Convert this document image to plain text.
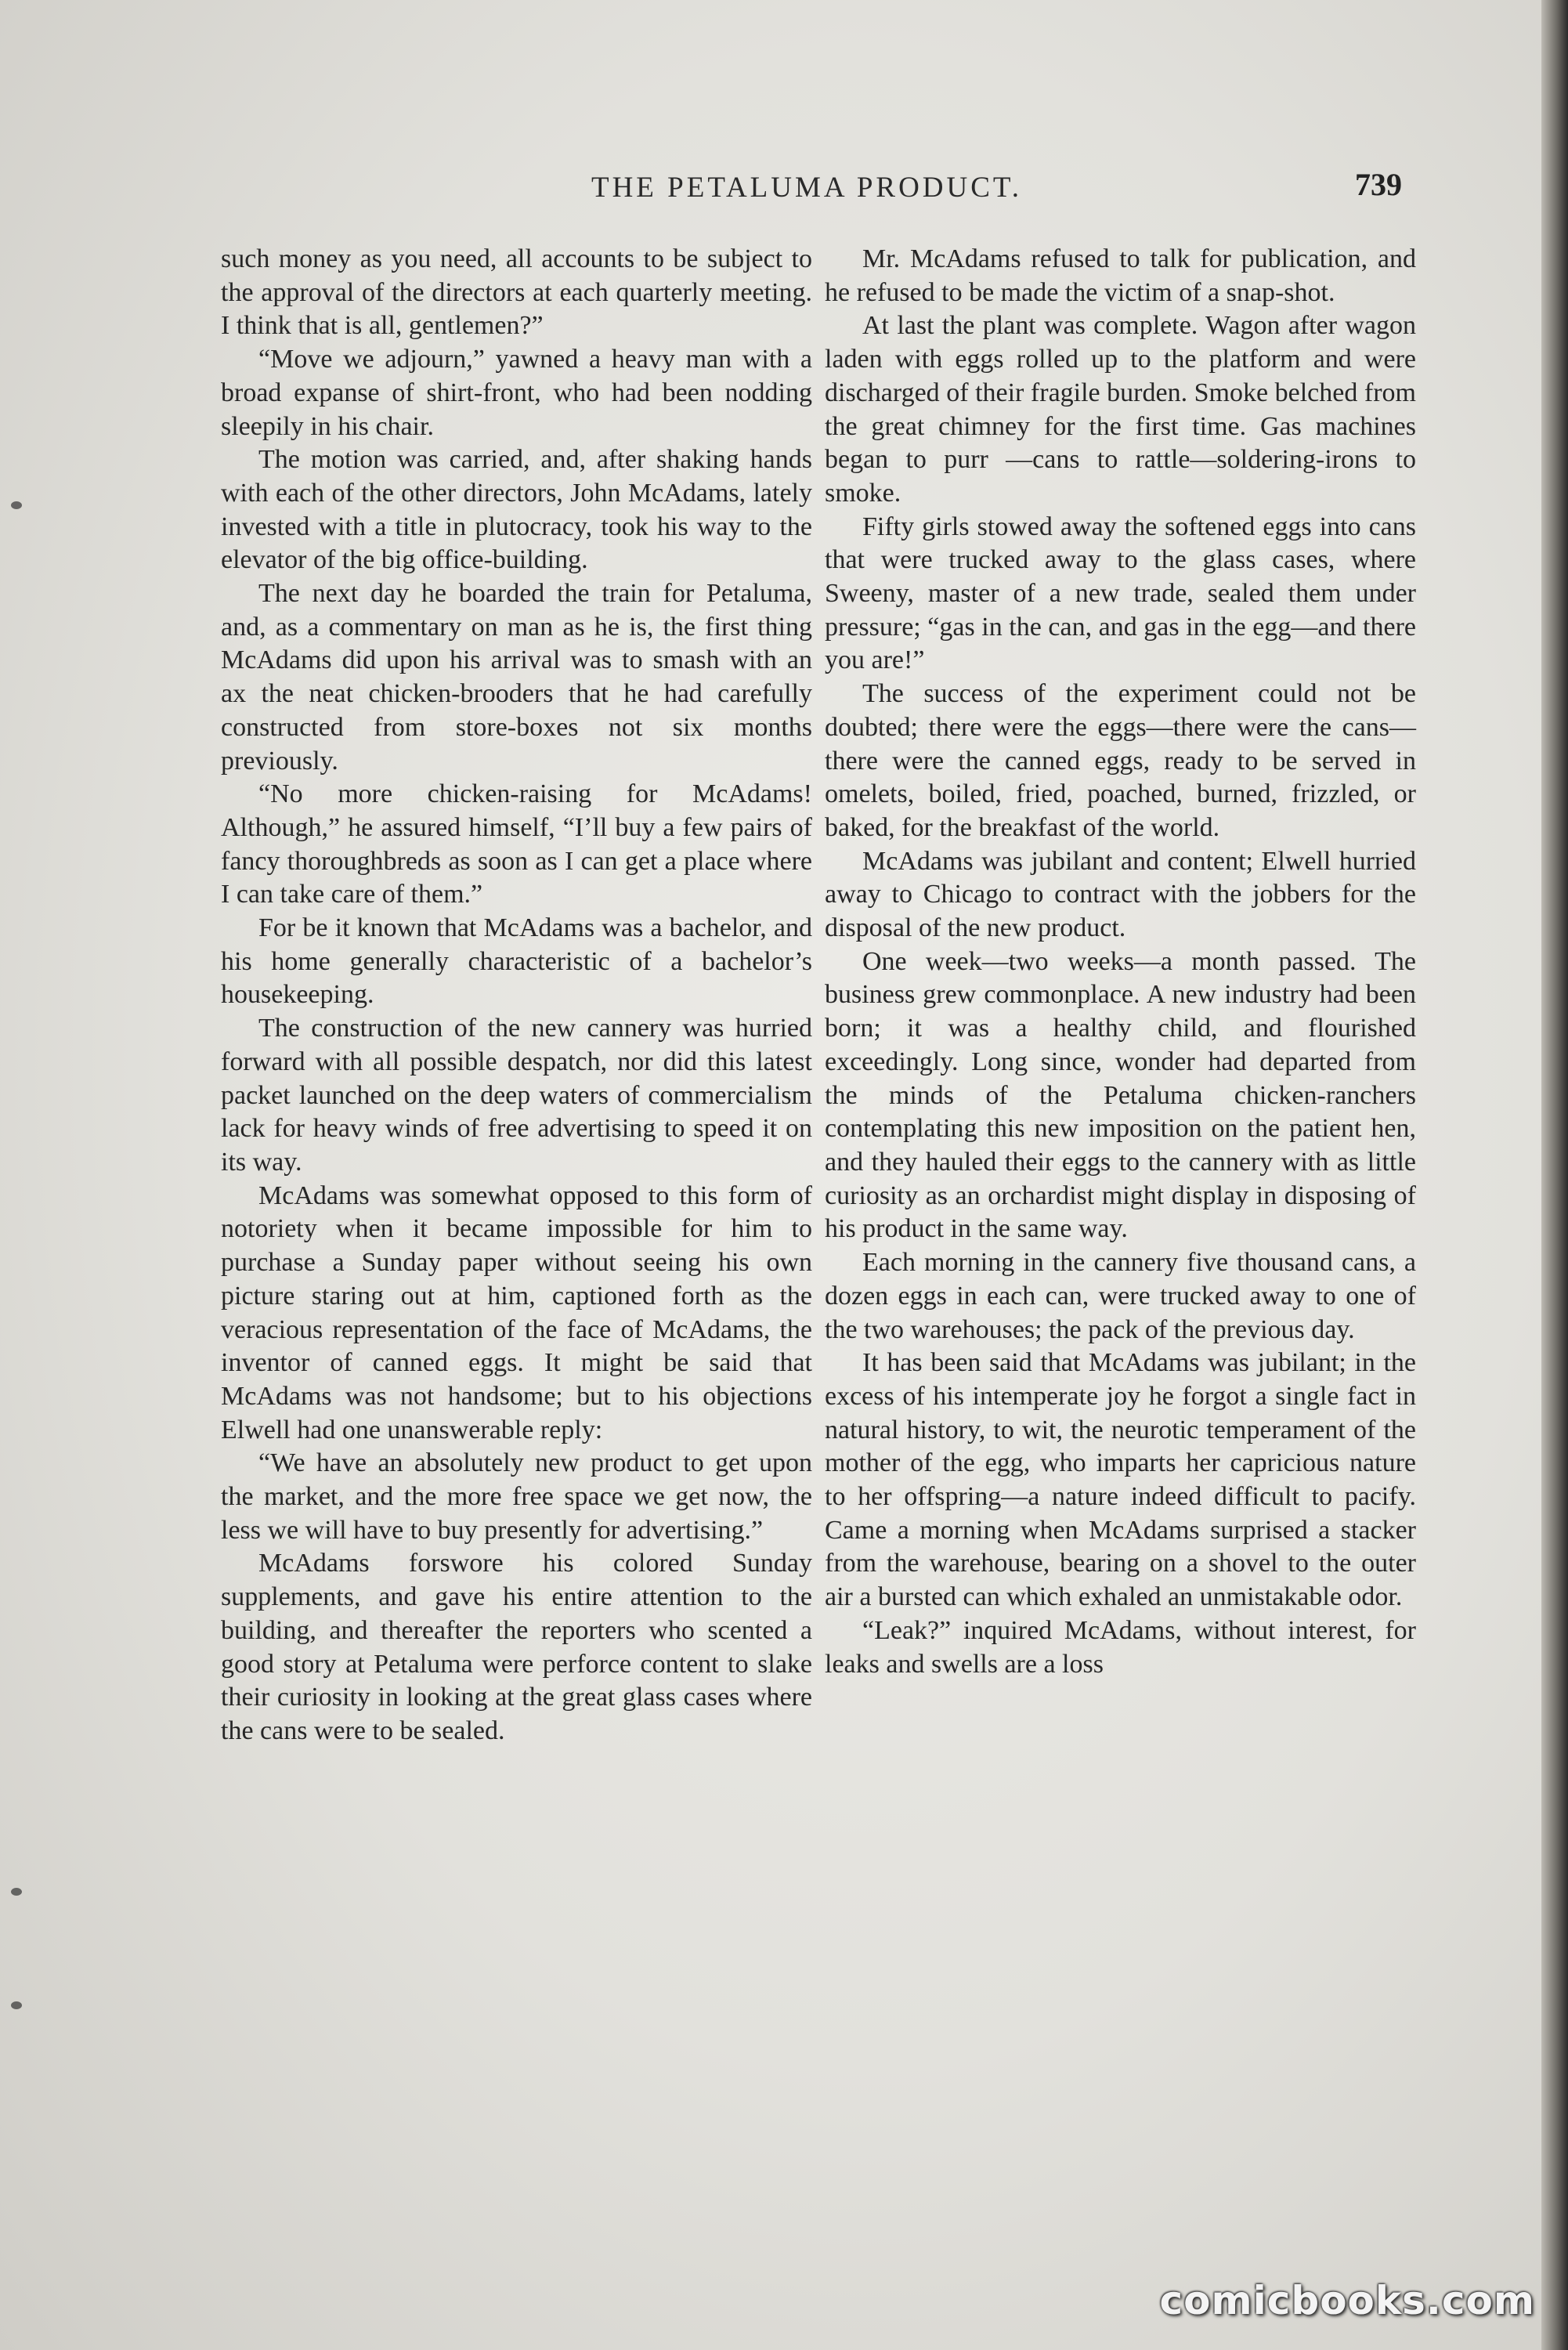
THE PETALUMA PRODUCT.	739

such money as you need, all accounts to be subject to the approval of the directors at each quarterly meeting. I think that is all, gentlemen?”

“Move we adjourn,” yawned a heavy man with a broad expanse of shirt-front, who had been nodding sleepily in his chair.

The motion was carried, and, after shaking hands with each of the other directors, John McAdams, lately invested with a title in plutocracy, took his way to the elevator of the big office-building.

The next day he boarded the train for Petaluma, and, as a commentary on man as he is, the first thing McAdams did upon his arrival was to smash with an ax the neat chicken-brooders that he had carefully constructed from store-boxes not six months previously.

“No more chicken-raising for McAdams! Although,” he assured himself, “I’ll buy a few pairs of fancy thoroughbreds as soon as I can get a place where I can take care of them.”

For be it known that McAdams was a bachelor, and his home generally characteristic of a bachelor’s housekeeping.

The construction of the new cannery was hurried forward with all possible despatch, nor did this latest packet launched on the deep waters of commercialism lack for heavy winds of free advertising to speed it on its way.

McAdams was somewhat opposed to this form of notoriety when it became impossible for him to purchase a Sunday paper without seeing his own picture staring out at him, captioned forth as the veracious representation of the face of McAdams, the inventor of canned eggs. It might be said that McAdams was not handsome; but to his objections Elwell had one unanswerable reply:

“We have an absolutely new product to get upon the market, and the more free space we get now, the less we will have to buy presently for advertising.”

McAdams forswore his colored Sunday supplements, and gave his entire attention to the building, and thereafter the reporters who scented a good story at Petaluma were perforce content to slake their curiosity in looking at the great glass cases where the cans were to be sealed.

Mr. McAdams refused to talk for publication, and he refused to be made the victim of a snap-shot.

At last the plant was complete. Wagon after wagon laden with eggs rolled up to the platform and were discharged of their fragile burden. Smoke belched from the great chimney for the first time. Gas machines began to purr —cans to rattle—soldering-irons to smoke.

Fifty girls stowed away the softened eggs into cans that were trucked away to the glass cases, where Sweeny, master of a new trade, sealed them under pressure; “gas in the can, and gas in the egg—and there you are!”

The success of the experiment could not be doubted; there were the eggs—there were the cans—there were the canned eggs, ready to be served in omelets, boiled, fried, poached, burned, frizzled, or baked, for the breakfast of the world.

McAdams was jubilant and content; Elwell hurried away to Chicago to contract with the jobbers for the disposal of the new product.

One week—two weeks—a month passed. The business grew commonplace. A new industry had been born; it was a healthy child, and flourished exceedingly. Long since, wonder had departed from the minds of the Petaluma chicken-ranchers contemplating this new imposition on the patient hen, and they hauled their eggs to the cannery with as little curiosity as an orchardist might display in disposing of his product in the same way.

Each morning in the cannery five thousand cans, a dozen eggs in each can, were trucked away to one of the two warehouses; the pack of the previous day.

It has been said that McAdams was jubilant; in the excess of his intemperate joy he forgot a single fact in natural history, to wit, the neurotic temperament of the mother of the egg, who imparts her capricious nature to her offspring—a nature indeed difficult to pacify. Came a morning when McAdams surprised a stacker from the warehouse, bearing on a shovel to the outer air a bursted can which exhaled an unmistakable odor.

“Leak?” inquired McAdams, without interest, for leaks and swells are a loss

comicbooks.com
